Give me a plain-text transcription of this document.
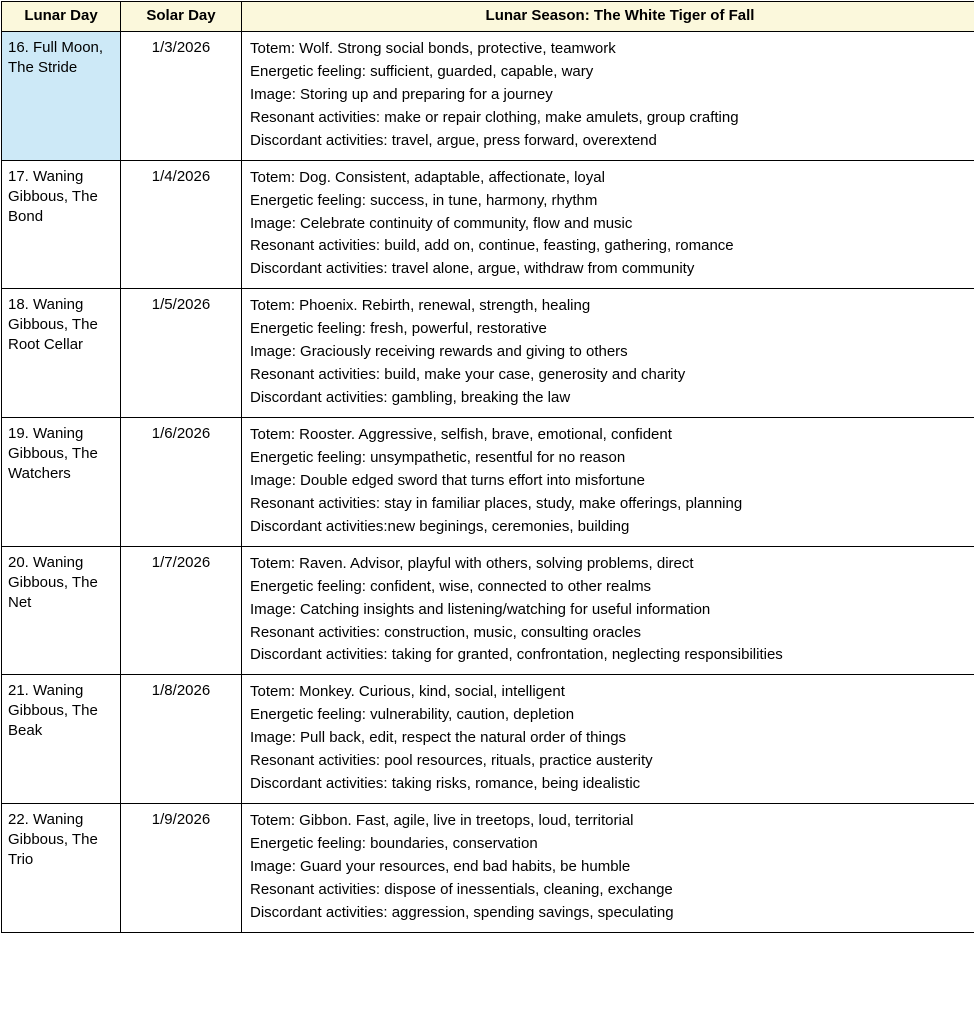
Lunar Day	Solar Day	Lunar Season: The White Tiger of Fall
16. Full Moon, The Stride	1/3/2026	Totem: Wolf. Strong social bonds, protective, teamwork
Energetic feeling: sufficient, guarded, capable, wary
Image: Storing up and preparing for a journey
Resonant activities: make or repair clothing, make amulets, group crafting
Discordant activities: travel, argue, press forward, overextend

17. Waning Gibbous, The Bond	1/4/2026	Totem: Dog. Consistent, adaptable, affectionate, loyal
Energetic feeling: success, in tune, harmony, rhythm
Image: Celebrate continuity of community, flow and music
Resonant activities: build, add on, continue, feasting, gathering, romance
Discordant activities: travel alone, argue, withdraw from community

18. Waning Gibbous, The Root Cellar	1/5/2026	Totem: Phoenix. Rebirth, renewal, strength, healing
Energetic feeling: fresh, powerful, restorative
Image: Graciously receiving rewards and giving to others
Resonant activities: build, make your case, generosity and charity
Discordant activities: gambling, breaking the law

19. Waning Gibbous, The Watchers	1/6/2026	Totem: Rooster. Aggressive, selfish, brave, emotional, confident
Energetic feeling: unsympathetic, resentful for no reason
Image: Double edged sword that turns effort into misfortune
Resonant activities: stay in familiar places, study, make offerings, planning
Discordant activities:new beginings, ceremonies, building

20. Waning Gibbous, The Net	1/7/2026	Totem: Raven. Advisor, playful with others, solving problems, direct
Energetic feeling: confident, wise, connected to other realms
Image: Catching insights and listening/watching for useful information
Resonant activities: construction, music, consulting oracles
Discordant activities: taking for granted, confrontation, neglecting responsibilities

21. Waning Gibbous, The Beak	1/8/2026	Totem: Monkey. Curious, kind, social, intelligent
Energetic feeling: vulnerability, caution, depletion
Image: Pull back, edit, respect the natural order of things
Resonant activities: pool resources, rituals, practice austerity
Discordant activities: taking risks, romance, being idealistic

22. Waning Gibbous, The Trio	1/9/2026	Totem: Gibbon. Fast, agile, live in treetops, loud, territorial
Energetic feeling: boundaries, conservation
Image: Guard your resources, end bad habits, be humble
Resonant activities: dispose of inessentials, cleaning, exchange
Discordant activities: aggression, spending savings, speculating
